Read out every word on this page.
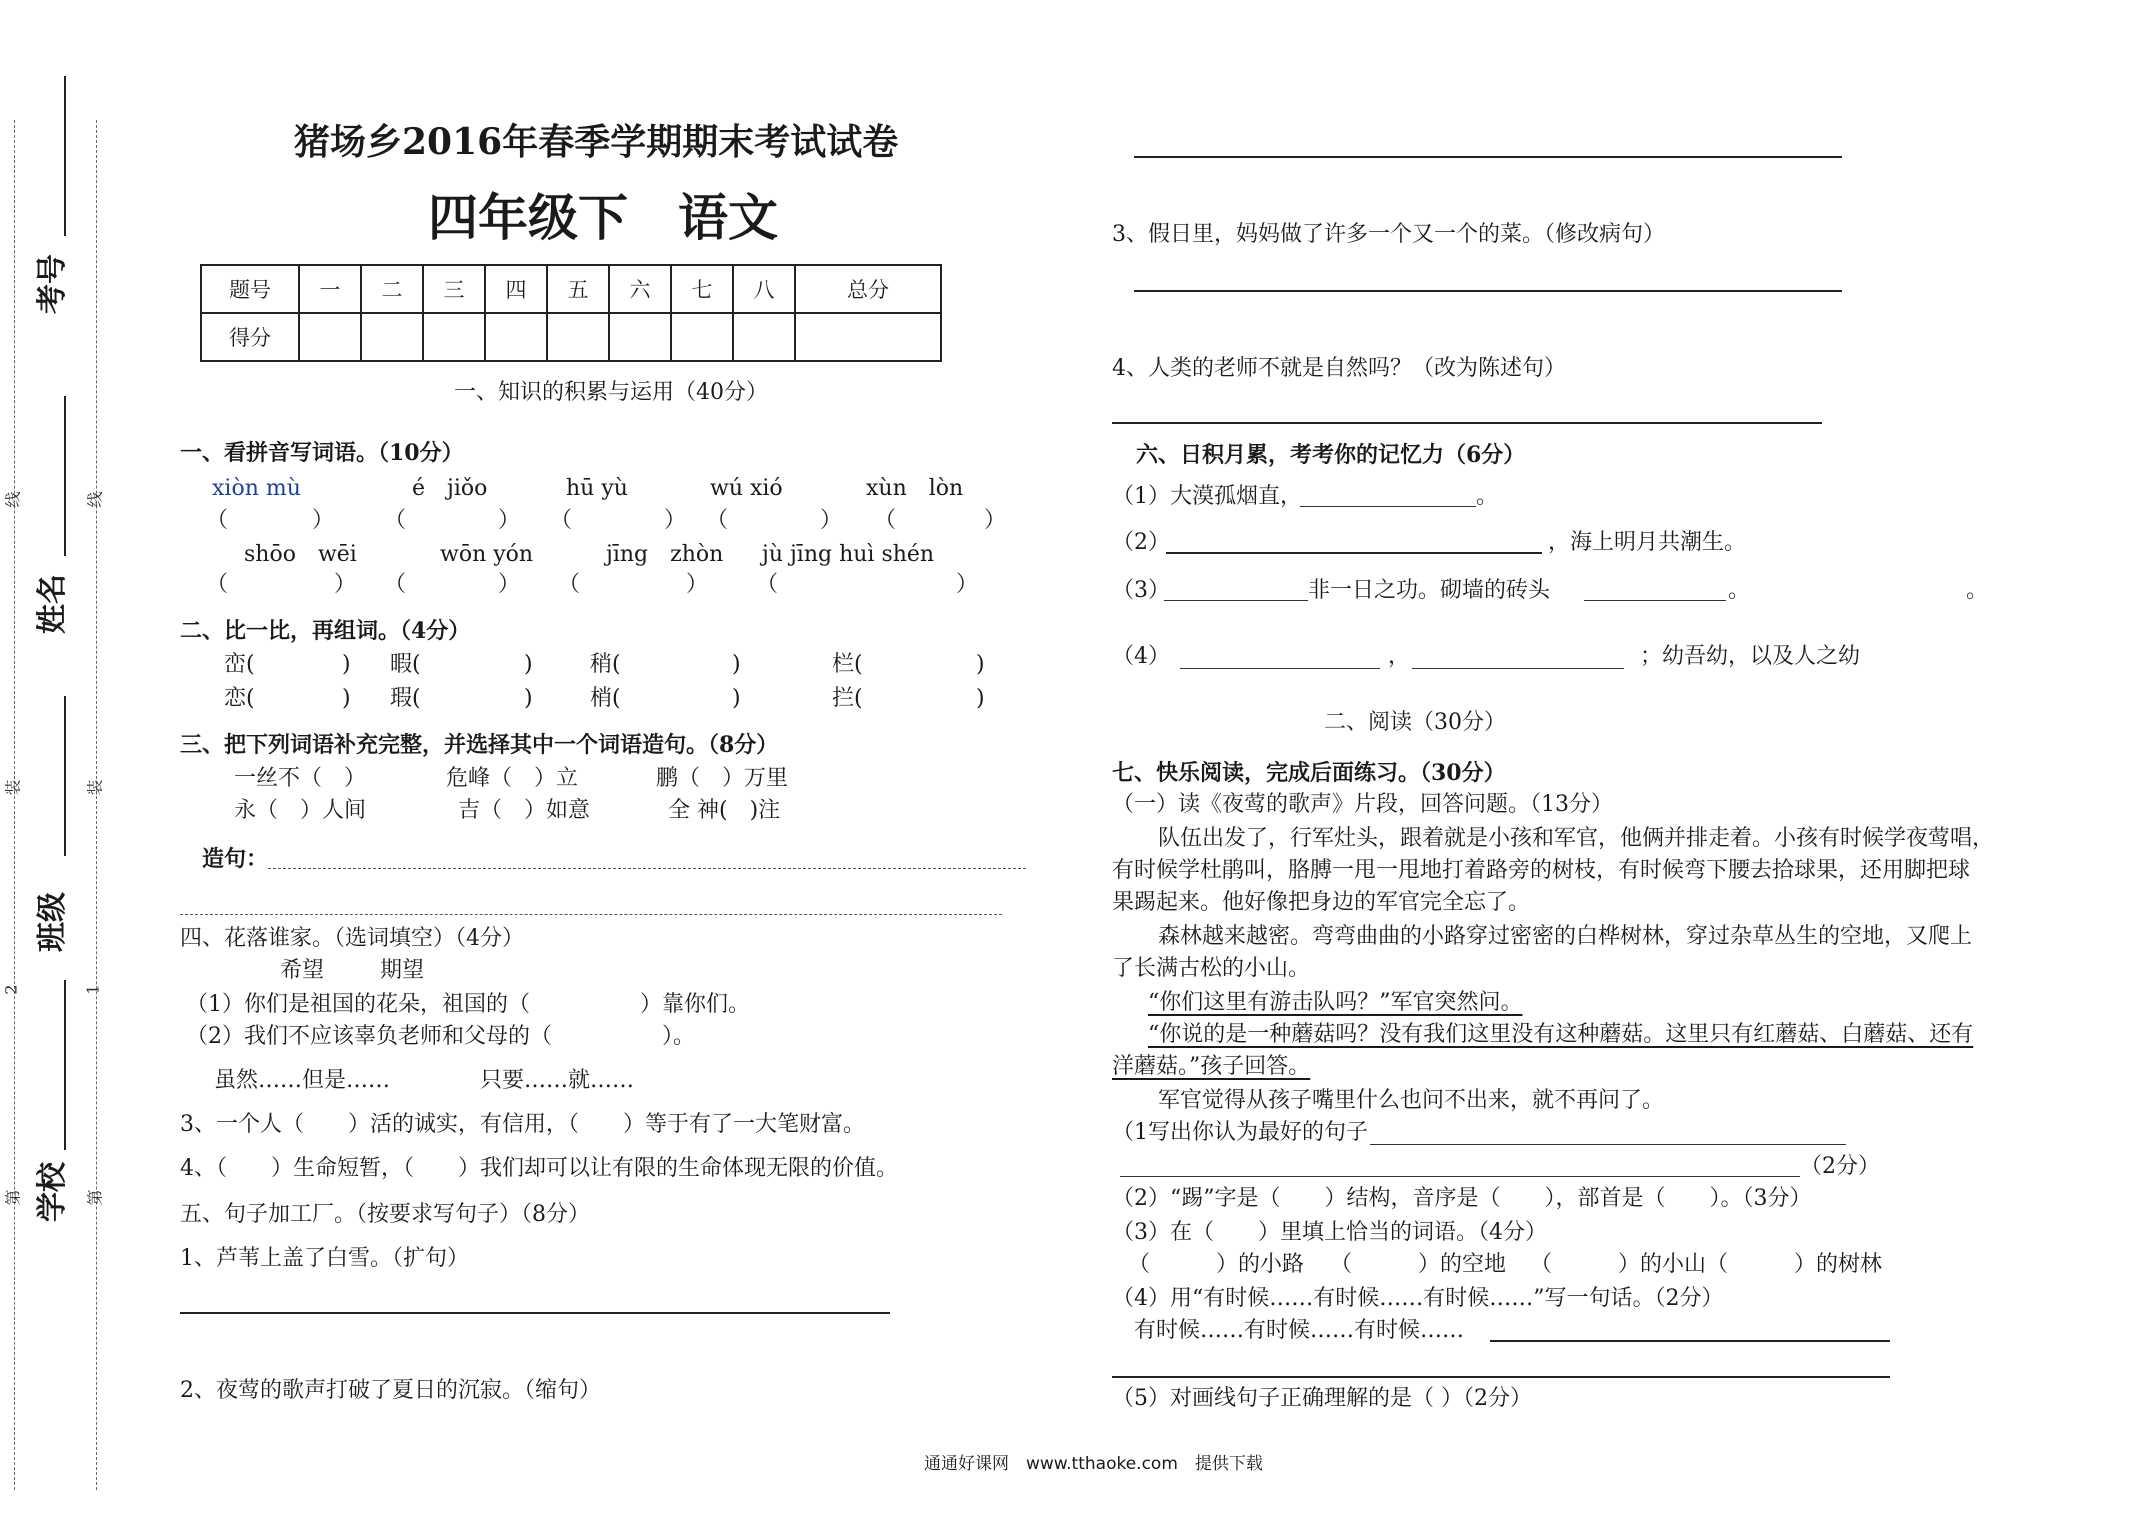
考号
姓名
班级
学校
线	线
装	装
2	1
第	第
猪场乡2016年春季学期期末考试试卷
四年级下　语文
题号	一	二	三	四	五	六	七	八	总分
得分									
一、知识的积累与运用（40分）
一、看拼音写词语。（10分）
xiòn mù	é　jiǒo	hū yù	wú xió	xùn　lòn
（	） （	） （	） （	） （	）
shōo　wēi	wōn yón	jīng　zhòn jù jīng huì shén
（	） （	） （	） （	）
二、比一比，再组词。（4分）
峦(	) 暇(	)	稍(	)	栏(	)
恋(	) 瑕(	)	梢(	)	拦(	)
三、把下列词语补充完整，并选择其中一个词语造句。（8分）
一丝不（　）	危峰（　）立	鹏（　）万里
永（　）人间	吉（　）如意	全 神(　)注
造句：
四、花落谁家。（选词填空）（4分）
希望	期望
（1）你们是祖国的花朵，祖国的（　　　　　）靠你们。
（2）我们不应该辜负老师和父母的（　　　　　）。
虽然……但是……	只要……就……
3、一个人（　　）活的诚实，有信用，（　　）等于有了一大笔财富。
4、（　　）生命短暂，（　　）我们却可以让有限的生命体现无限的价值。
五、句子加工厂。（按要求写句子）（8分）
1、芦苇上盖了白雪。（扩句）
2、夜莺的歌声打破了夏日的沉寂。（缩句）
3、假日里，妈妈做了许多一个又一个的菜。（修改病句）
4、人类的老师不就是自然吗？（改为陈述句）
六、日积月累，考考你的记忆力（6分）
（1）大漠孤烟直，	。
（2）	，海上明月共潮生。
（3）	非一日之功。砌墙的砖头	。	。
（4）	，	；幼吾幼，以及人之幼
二、阅读（30分）
七、快乐阅读，完成后面练习。（30分）
（一）读《夜莺的歌声》片段，回答问题。（13分）
队伍出发了，行军灶头，跟着就是小孩和军官，他俩并排走着。小孩有时候学夜莺唱，
有时候学杜鹃叫，胳膊一甩一甩地打着路旁的树枝，有时候弯下腰去拾球果，还用脚把球
果踢起来。他好像把身边的军官完全忘了。
森林越来越密。弯弯曲曲的小路穿过密密的白桦树林，穿过杂草丛生的空地，又爬上
了长满古松的小山。
“你们这里有游击队吗？”军官突然问。
“你说的是一种蘑菇吗？没有我们这里没有这种蘑菇。这里只有红蘑菇、白蘑菇、还有
洋蘑菇。”孩子回答。
军官觉得从孩子嘴里什么也问不出来，就不再问了。
（1写出你认为最好的句子
（2分）
（2）“踢”字是（　　）结构，音序是（　　），部首是（　　）。（3分）
（3）在（　　）里填上恰当的词语。（4分）
（　　　）的小路 （　　　）的空地 （　　　）的小山 （　　　）的树林
（4）用“有时候……有时候……有时候……”写一句话。（2分）
有时候……有时候……有时候……
（5）对画线句子正确理解的是（ ）（2分）
通通好课网　www.tthaoke.com　提供下载
